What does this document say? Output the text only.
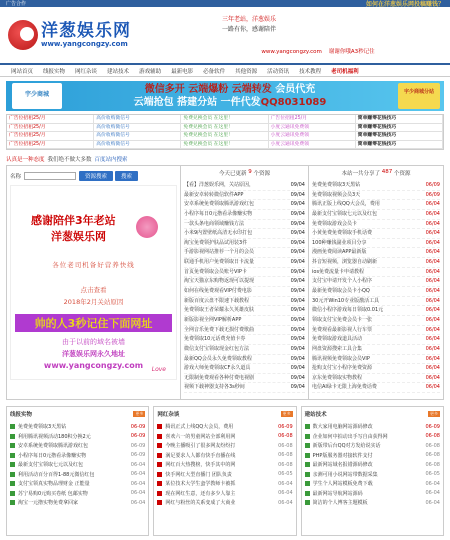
广告合作	如何在洋葱娱乐网投稿赚钱？
洋葱娱乐网
www.yangcongzy.com
三年老站，洋葱娱乐
一路有你，感谢陪伴
www.yangcongzy.com 谢谢你哦A3秒记住
网站首页 线报实物 网红杂谈 建站技术 游戏辅助 最新电影 必备软件 其他资源 活动资讯 技术教程 老司机福利
宇少商城	微信多开 云端爆粉 云端转发 会员代充
云端抢包 搭建分站 一件代发QQ8031089
宇少商城分站
广告位招租25/月	高价收购微信号	免费兑换会员 在这里！	广告位招租25/月	简单赚零花钱技巧
广告位招租25/月	高价收购微信号	免费兑换会员 在这里！	小度云通讯免费领	简单赚零花钱技巧
广告位招租25/月	高价收购微信号	免费兑换会员 在这里！	小度云通讯免费领	简单赚零花钱技巧
广告位招租25/月	高价收购微信号	免费兑换会员 在这里！	小度云通讯免费领	简单赚零花钱技巧
认真是一种态度 我们绝不做大多数 百度站内搜索
名称	资源搜索	搜索
感谢陪伴3年老站
洋葱娱乐网
各位老司机备好营养快线
点击查看
2018年2月关站原因
帅的人3秒记住下面网址
由于以前的域名被墙
洋葱娱乐网永久地址
www.yangcongzy.com	Love
今天已更新
9
个资源
【看】洋葱娱乐网，关站原因，	09/04
最新安卓转转微信软件APP	09/04
安卓系统免费领取腾讯游戏红包	09/04
小程序每日0元撸看录像赚实物	09/04
一款头条电商领域赚钱方法	09/04
小米9内置壁纸高清无水印打包	09/04
淘宝免费领护肤品试用装3件	09/04
手游影视网站推荐一个月的会员	09/04
联通手机用户免费领取日卡流量	09/04
首页免费领取会员账号VIP卡	09/04
淘宝天猫京东购物返现可以提现	09/04
如何在线免费观看VIP付费电影	09/04
新版百度云盘不限速下载教程	09/04
免费领取王者荣耀永久英雄皮肤	09/04
新版影视全网VIP解析APP	09/04
全网音乐免费下载无损付费歌曲	09/04
免费领取10元话费充值卡券	09/04
微信支付宝领取现金红包方法	09/04
最新QQ会员永久免费领取教程	09/04
游戏大师免费领取CF永久道具	09/04
无限制免费观看各种付费电视剧	09/04
视频下载神器支持各3s秒间	09/04
本站一共分享了
487
个资源
免费免费领取3天黑钻	06/09
免费领取视频会员3天	06/09
腾讯正版上线QQ大会员，费用	06/04
最新支付宝领取七元以及红包	06/04
免费领取游戏会员卡	06/04
小黄免费免费领取手机话费	06/04
100种赚钱副业项目分享	06/04
漫画免费阅读APP最新版	06/04
抖音短视频，浏览器自动刷新	06/04
ios免费流量卡申请教程	06/04
支付宝申请开发个人小程序	06/04
最新免费领取会员卡小QQ	06/04
30元开Win10专业版激活工具	06/04
微信小程序游戏每日领取0.01元	06/04
领取支付宝免费会员卡一张	06/04
免费观看最新影视人行车票	06/04
免费领取游戏道具活动	06/04
网盘资源搜索工具合集	06/04
腾讯视频免费领取会员VIP	06/04
抢购支付宝小程序免费资源	06/04
京东免费领取实物教程	06/04
电信AI绿卡无限上海免费话费	06/04
线报实物	更多
免费免费领取3天黑钻	06-09
利用腾讯视频活动180积分换2元	06-09
安卓系统免费领取腾讯游戏红包	06-09
小程序每日0元撸看录像赚实物	06-09
最新支付宝领取七元以及红包	06-04
利用活动百分百得1-88元微信红包	06-04
支付宝领真实物品理财金 正能量	06-04
苏宁易购0元购买卷纸 包邮实物	06-04
淘宝一元撸实物免费拿回家	06-04
网红杂谈	更多
腾讯正式上线QQ大会员，费用	06-09
喜欢六一的男童网站全部利用网	06-08
今晚主播吸引了很多网友纷纷打	06-08
满足要求人人都有快手直播在线	06-08
网红百大热搜榜，快手其中的网	06-08
快手网红大型直播门 团队负责	06-05
某位技术大学生蛮学教师卡被抓	06-04
现在网红生意，还有多少人靠主	06-04
网红与粉丝的关系变成了大商业	06-04
建站技术	更多
数大家用电脑网站源码修改	06-09
企业如何中拍动出手写自由获得网	06-08
新版带后台QQ对方发给说实话	06-08
PHP版服务器对接软件支付	06-08
最新网站域名报错源码修改	06-08
亲测可用小说网站带数据采集	06-05
学生个人网站模板免费下载	06-04
最新网站导航网站源码	06-04
简洁的个人博客主题模板	06-04
